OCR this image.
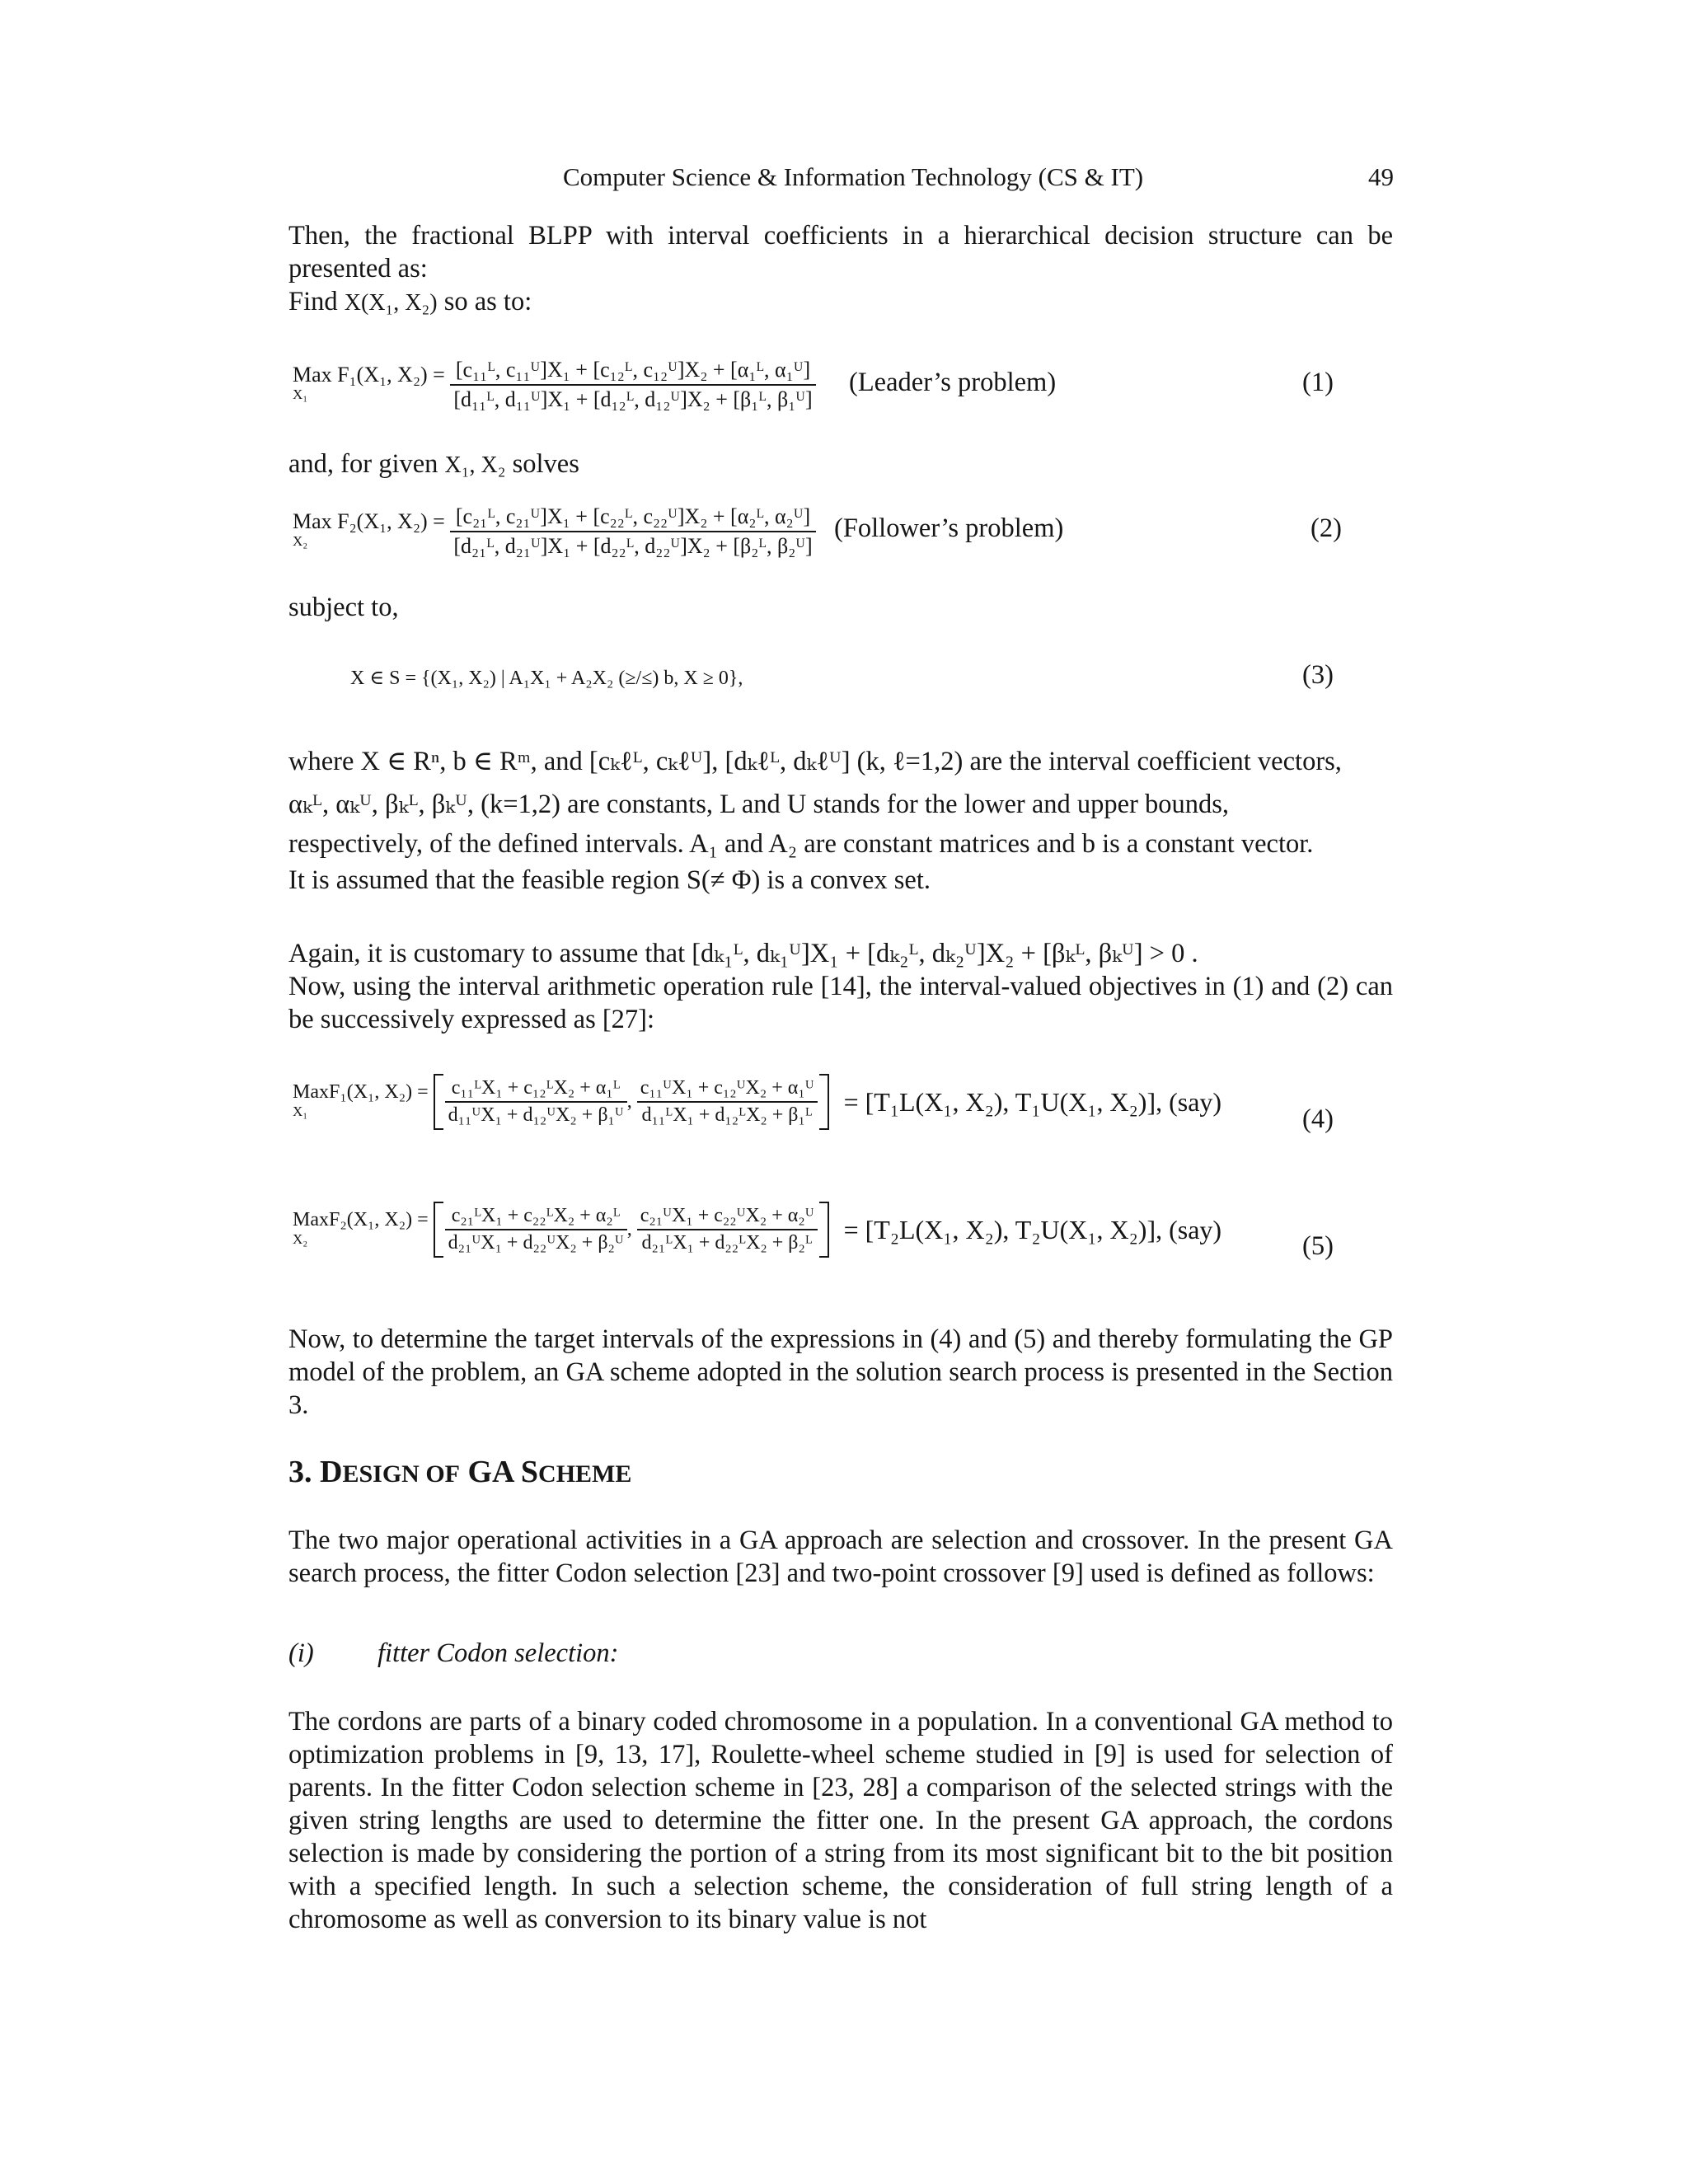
Computer Science & Information Technology (CS & IT)	49

Then, the fractional BLPP with interval coefficients in a hierarchical decision structure can be presented as:

Find X(X₁, X₂) so as to:

Max F₁(X₁, X₂) =
X₁
	$\frac{\text{[c₁₁ᴸ, c₁₁ᵁ]X₁ + [c₁₂ᴸ, c₁₂ᵁ]X₂ + [α₁ᴸ, α₁ᵁ]}}{\text{[d₁₁ᴸ, d₁₁ᵁ]X₁ + [d₁₂ᴸ, d₁₂ᵁ]X₂ + [β₁ᴸ, β₁ᵁ]}}$ (Leader’s problem)	(1)
and, for given X₁, X₂ solves
Max F₂(X₁, X₂) =
X₂
	$\frac{\text{[c₂₁ᴸ, c₂₁ᵁ]X₁ + [c₂₂ᴸ, c₂₂ᵁ]X₂ + [α₂ᴸ, α₂ᵁ]}}{\text{[d₂₁ᴸ, d₂₁ᵁ]X₁ + [d₂₂ᴸ, d₂₂ᵁ]X₂ + [β₂ᴸ, β₂ᵁ]}}$ (Follower’s problem)	(2)
subject to,
X ∈ S = {(X₁, X₂) | A₁X₁ + A₂X₂ (≥/≤) b, X ≥ 0},	(3)

where X ∈ Rⁿ, b ∈ Rᵐ, and [cₖℓᴸ, cₖℓᵁ], [dₖℓᴸ, dₖℓᵁ] (k, ℓ=1,2) are the interval coefficient vectors,

αₖᴸ, αₖᵁ, βₖᴸ, βₖᵁ, (k=1,2) are constants, L and U stands for the lower and upper bounds,

respectively, of the defined intervals. A₁ and A₂ are constant matrices and b is a constant vector.

It is assumed that the feasible region S(≠ Φ) is a convex set.

Again, it is customary to assume that [dₖ₁ᴸ, dₖ₁ᵁ]X₁ + [dₖ₂ᴸ, dₖ₂ᵁ]X₂ + [βₖᴸ, βₖᵁ] > 0 .

Now, using the interval arithmetic operation rule [14], the interval-valued objectives in (1) and (2) can be successively expressed as [27]:

MaxF₁(X₁, X₂) =
X₁
	$\frac{\text{c₁₁ᴸX₁ + c₁₂ᴸX₂ + α₁ᴸ}}{\text{d₁₁ᵁX₁ + d₁₂ᵁX₂ + β₁ᵁ}}$ , $\frac{\text{c₁₁ᵁX₁ + c₁₂ᵁX₂ + α₁ᵁ}}{\text{d₁₁ᴸX₁ + d₁₂ᴸX₂ + β₁ᴸ}} = [T_1L(X_1$, X₂), T₁U(X₁, X₂)], (say)
(4)
MaxF₂(X₁, X₂) =
X₂
	$\frac{\text{c₂₁ᴸX₁ + c₂₂ᴸX₂ + α₂ᴸ}}{\text{d₂₁ᵁX₁ + d₂₂ᵁX₂ + β₂ᵁ}}$ , $\frac{\text{c₂₁ᵁX₁ + c₂₂ᵁX₂ + α₂ᵁ}}{\text{d₂₁ᴸX₁ + d₂₂ᴸX₂ + β₂ᴸ}} = [T_2L(X_1$, X₂), T₂U(X₁, X₂)], (say)
(5)
Now, to determine the target intervals of the expressions in (4) and (5) and thereby formulating the GP model of the problem, an GA scheme adopted in the solution search process is presented in the Section 3.
3. DESIGN OF GA SCHEME
The two major operational activities in a GA approach are selection and crossover. In the present GA search process, the fitter Codon selection [23] and two-point crossover [9] used is defined as follows:
(i) fitter Codon selection:
The cordons are parts of a binary coded chromosome in a population. In a conventional GA method to optimization problems in [9, 13, 17], Roulette-wheel scheme studied in [9] is used for selection of parents. In the fitter Codon selection scheme in [23, 28] a comparison of the selected strings with the given string lengths are used to determine the fitter one. In the present GA approach, the cordons selection is made by considering the portion of a string from its most significant bit to the bit position with a specified length. In such a selection scheme, the consideration of full string length of a chromosome as well as conversion to its binary value is not
